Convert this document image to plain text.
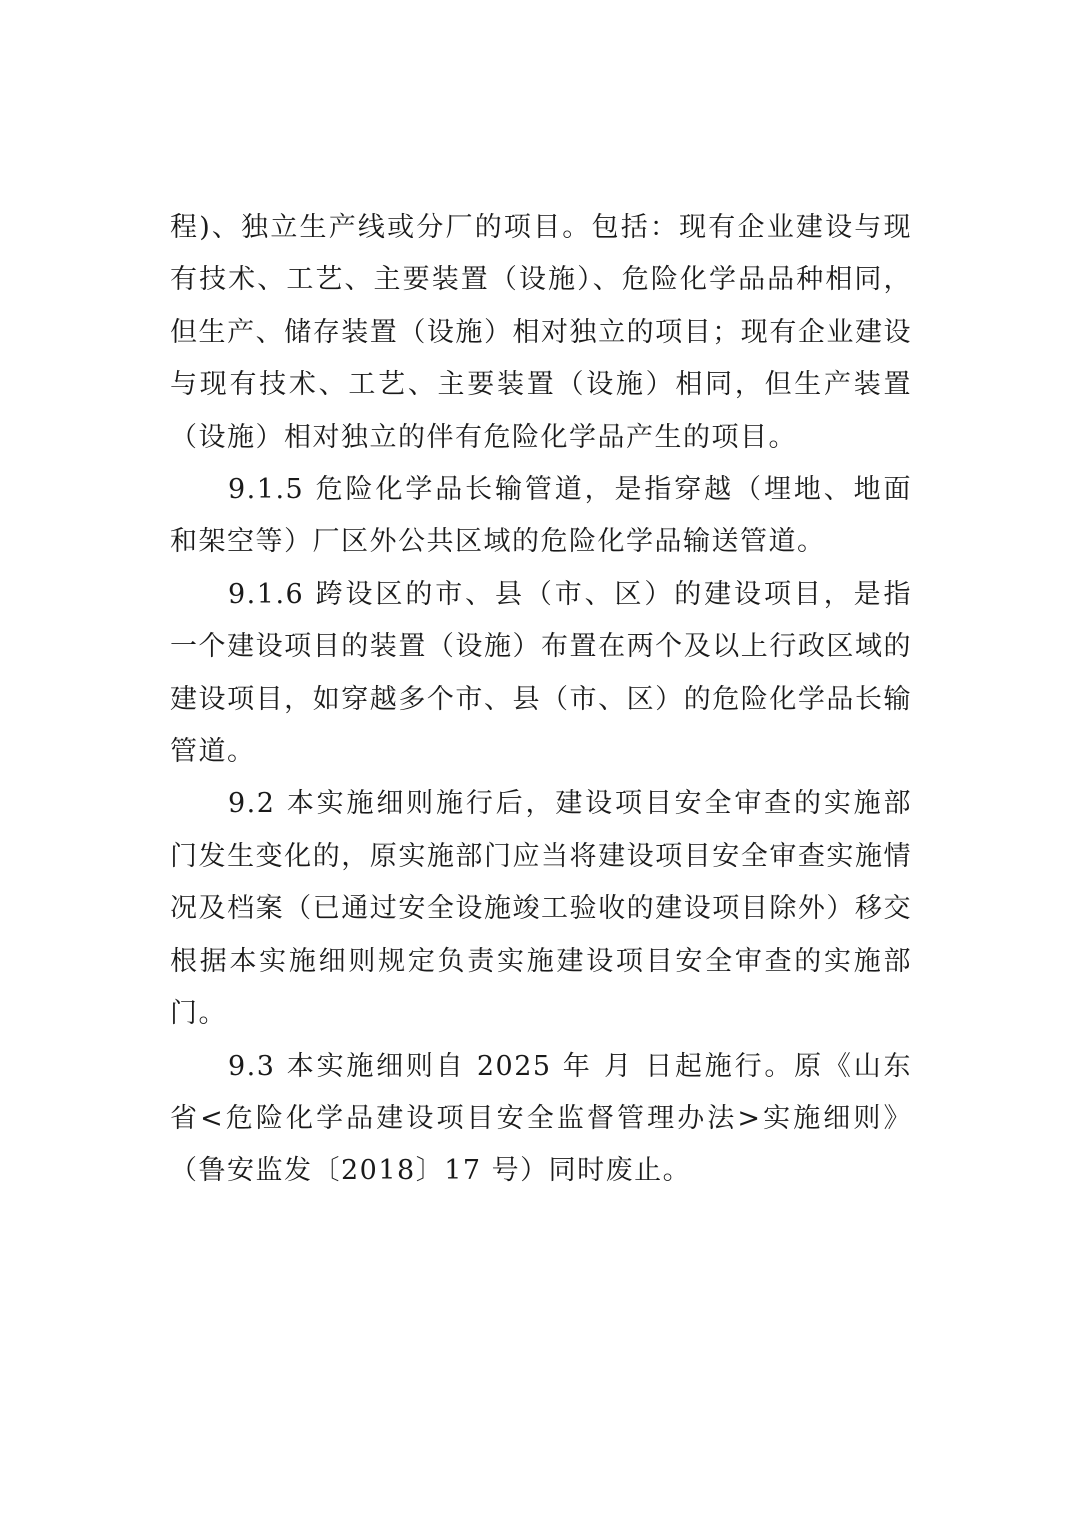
程)、独立生产线或分厂的项目。包括：现有企业建设与现有技术、工艺、主要装置（设施）、危险化学品品种相同，但生产、储存装置（设施）相对独立的项目；现有企业建设与现有技术、工艺、主要装置（设施）相同，但生产装置（设施）相对独立的伴有危险化学品产生的项目。

9.1.5 危险化学品长输管道，是指穿越（埋地、地面和架空等）厂区外公共区域的危险化学品输送管道。

9.1.6 跨设区的市、县（市、区）的建设项目，是指一个建设项目的装置（设施）布置在两个及以上行政区域的建设项目，如穿越多个市、县（市、区）的危险化学品长输管道。

9.2 本实施细则施行后，建设项目安全审查的实施部门发生变化的，原实施部门应当将建设项目安全审查实施情况及档案（已通过安全设施竣工验收的建设项目除外）移交根据本实施细则规定负责实施建设项目安全审查的实施部门。

9.3 本实施细则自 2025 年 月 日起施行。原《山东省<危险化学品建设项目安全监督管理办法>实施细则》（鲁安监发〔2018〕17 号）同时废止。
